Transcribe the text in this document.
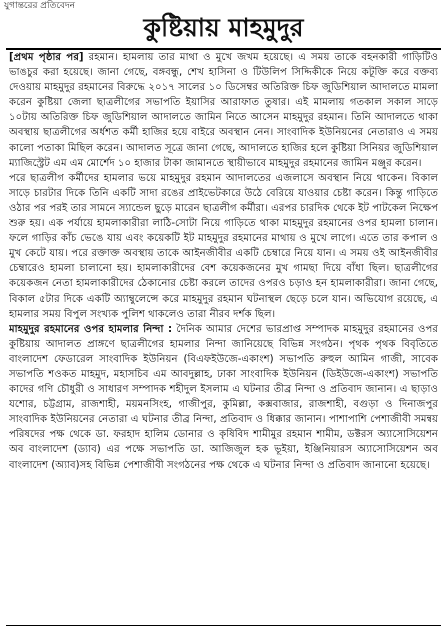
যুগান্তরের প্রতিবেদন
কুষ্টিয়ায় মাহমুদুর

[প্রথম পৃষ্ঠার পর] রহমান। হামলায় তার মাথা ও মুখে জখম হয়েছে। এ সময় তাকে বহনকারী গাড়িটিও ভাঙচুর করা হয়েছে। জানা গেছে, বঙ্গবন্ধু, শেখ হাসিনা ও টিউলিপ সিদ্দিকীকে নিয়ে কটূক্তি করে বক্তব্য দেওয়ায় মাহমুদুর রহমানের বিরুদ্ধে ২০১৭ সালের ১০ ডিসেম্বর অতিরিক্ত চিফ জুডিশিয়াল আদালতে মামলা করেন কুষ্টিয়া জেলা ছাত্রলীগের সভাপতি ইয়াসির আরাফাত তুষার। এই মামলায় গতকাল সকাল সাড়ে ১০টায় অতিরিক্ত চিফ জুডিশিয়াল আদালতে জামিন নিতে আসেন মাহমুদুর রহমান। তিনি আদালতে থাকা অবস্থায় ছাত্রলীগের অর্ধশত কর্মী হাজির হয়ে বাইরে অবস্থান নেন। সাংবাদিক ইউনিয়নের নেতারাও এ সময় কালো পতাকা মিছিল করেন। আদালত সূত্রে জানা গেছে, আদালতে হাজির হলে কুষ্টিয়া সিনিয়র জুডিশিয়াল ম্যাজিস্ট্রেট এম এম মোর্শেদ ১০ হাজার টাকা জামানতে স্থায়ীভাবে মাহমুদুর রহমানের জামিন মঞ্জুর করেন।

পরে ছাত্রলীগ কর্মীদের হামলার ভয়ে মাহমুদুর রহমান আদালতের এজলাসে অবস্থান নিয়ে থাকেন। বিকাল সাড়ে চারটার দিকে তিনি একটি সাদা রঙের প্রাইভেটকারে উঠে বেরিয়ে যাওয়ার চেষ্টা করেন। কিন্তু গাড়িতে ওঠার পর পরই তার সামনে স্যান্ডেল ছুড়ে মারেন ছাত্রলীগ কর্মীরা। এরপর চারদিক থেকে ইট পাটকেল নিক্ষেপ শুরু হয়। এক পর্যায়ে হামলাকারীরা লাঠি-সোটা নিয়ে গাড়িতে থাকা মাহমুদুর রহমানের ওপর হামলা চালান। ফলে গাড়ির কাঁচ ভেঙে যায় এবং কয়েকটি ইট মাহমুদুর রহমানের মাথায় ও মুখে লাগে। এতে তার কপাল ও মুখ কেটে যায়। পরে রক্তাক্ত অবস্থায় তাকে আইনজীবীর একটি চেম্বারে নিয়ে যান। এ সময় ওই আইনজীবীর চেম্বারেও হামলা চালানো হয়। হামলাকারীদের বেশ কয়েকজনের মুখ গামছা দিয়ে বাঁধা ছিল। ছাত্রলীগের কয়েকজন নেতা হামলাকারীদের ঠেকানোর চেষ্টা করলে তাদের ওপরও চড়াও হন হামলাকারীরা। জানা গেছে, বিকাল ৫টার দিকে একটি অ্যাম্বুলেন্সে করে মাহমুদুর রহমান ঘটনাস্থল ছেড়ে চলে যান। অভিযোগ রয়েছে, এ হামলার সময় বিপুল সংখ্যক পুলিশ থাকলেও তারা নীরব দর্শক ছিল।

মাহমুদুর রহমানের ওপর হামলার নিন্দা : দৈনিক আমার দেশের ভারপ্রাপ্ত সম্পাদক মাহমুদুর রহমানের ওপর কুষ্টিয়ায় আদালত প্রাঙ্গণে ছাত্রলীগের হামলার নিন্দা জানিয়েছে বিভিন্ন সংগঠন। পৃথক পৃথক বিবৃতিতে বাংলাদেশ ফেডারেল সাংবাদিক ইউনিয়ন (বিএফইউজে-একাংশ) সভাপতি রুহুল আমিন গাজী, সাবেক সভাপতি শওকত মাহমুদ, মহাসচিব এম আবদুল্লাহ, ঢাকা সাংবাদিক ইউনিয়ন (ডিইউজে-একাংশ) সভাপতি কাদের গণি চৌধুরী ও সাধারণ সম্পাদক শহীদুল ইসলাম এ ঘটনার তীব্র নিন্দা ও প্রতিবাদ জানান। এ ছাড়াও যশোর, চট্টগ্রাম, রাজশাহী, ময়মনসিংহ, গাজীপুর, কুমিল্লা, কক্সবাজার, রাজশাহী, বগুড়া ও দিনাজপুর সাংবাদিক ইউনিয়নের নেতারা এ ঘটনার তীব্র নিন্দা, প্রতিবাদ ও ধিক্কার জানান। পাশাপাশি পেশাজীবী সমন্বয় পরিষদের পক্ষ থেকে ডা. ফরহাদ হালিম ডোনার ও কৃষিবিদ শামীমুর রহমান শামীম, ডক্টরস অ্যাসোসিয়েশন অব বাংলাদেশ (ড্যাব) এর পক্ষে সভাপতি ডা. আজিজুল হক ভূইয়া, ইঞ্জিনিয়ারস অ্যাসোসিয়েশন অব বাংলাদেশ (অ্যাব)সহ বিভিন্ন পেশাজীবী সংগঠনের পক্ষ থেকে এ ঘটনার নিন্দা ও প্রতিবাদ জানানো হয়েছে।
